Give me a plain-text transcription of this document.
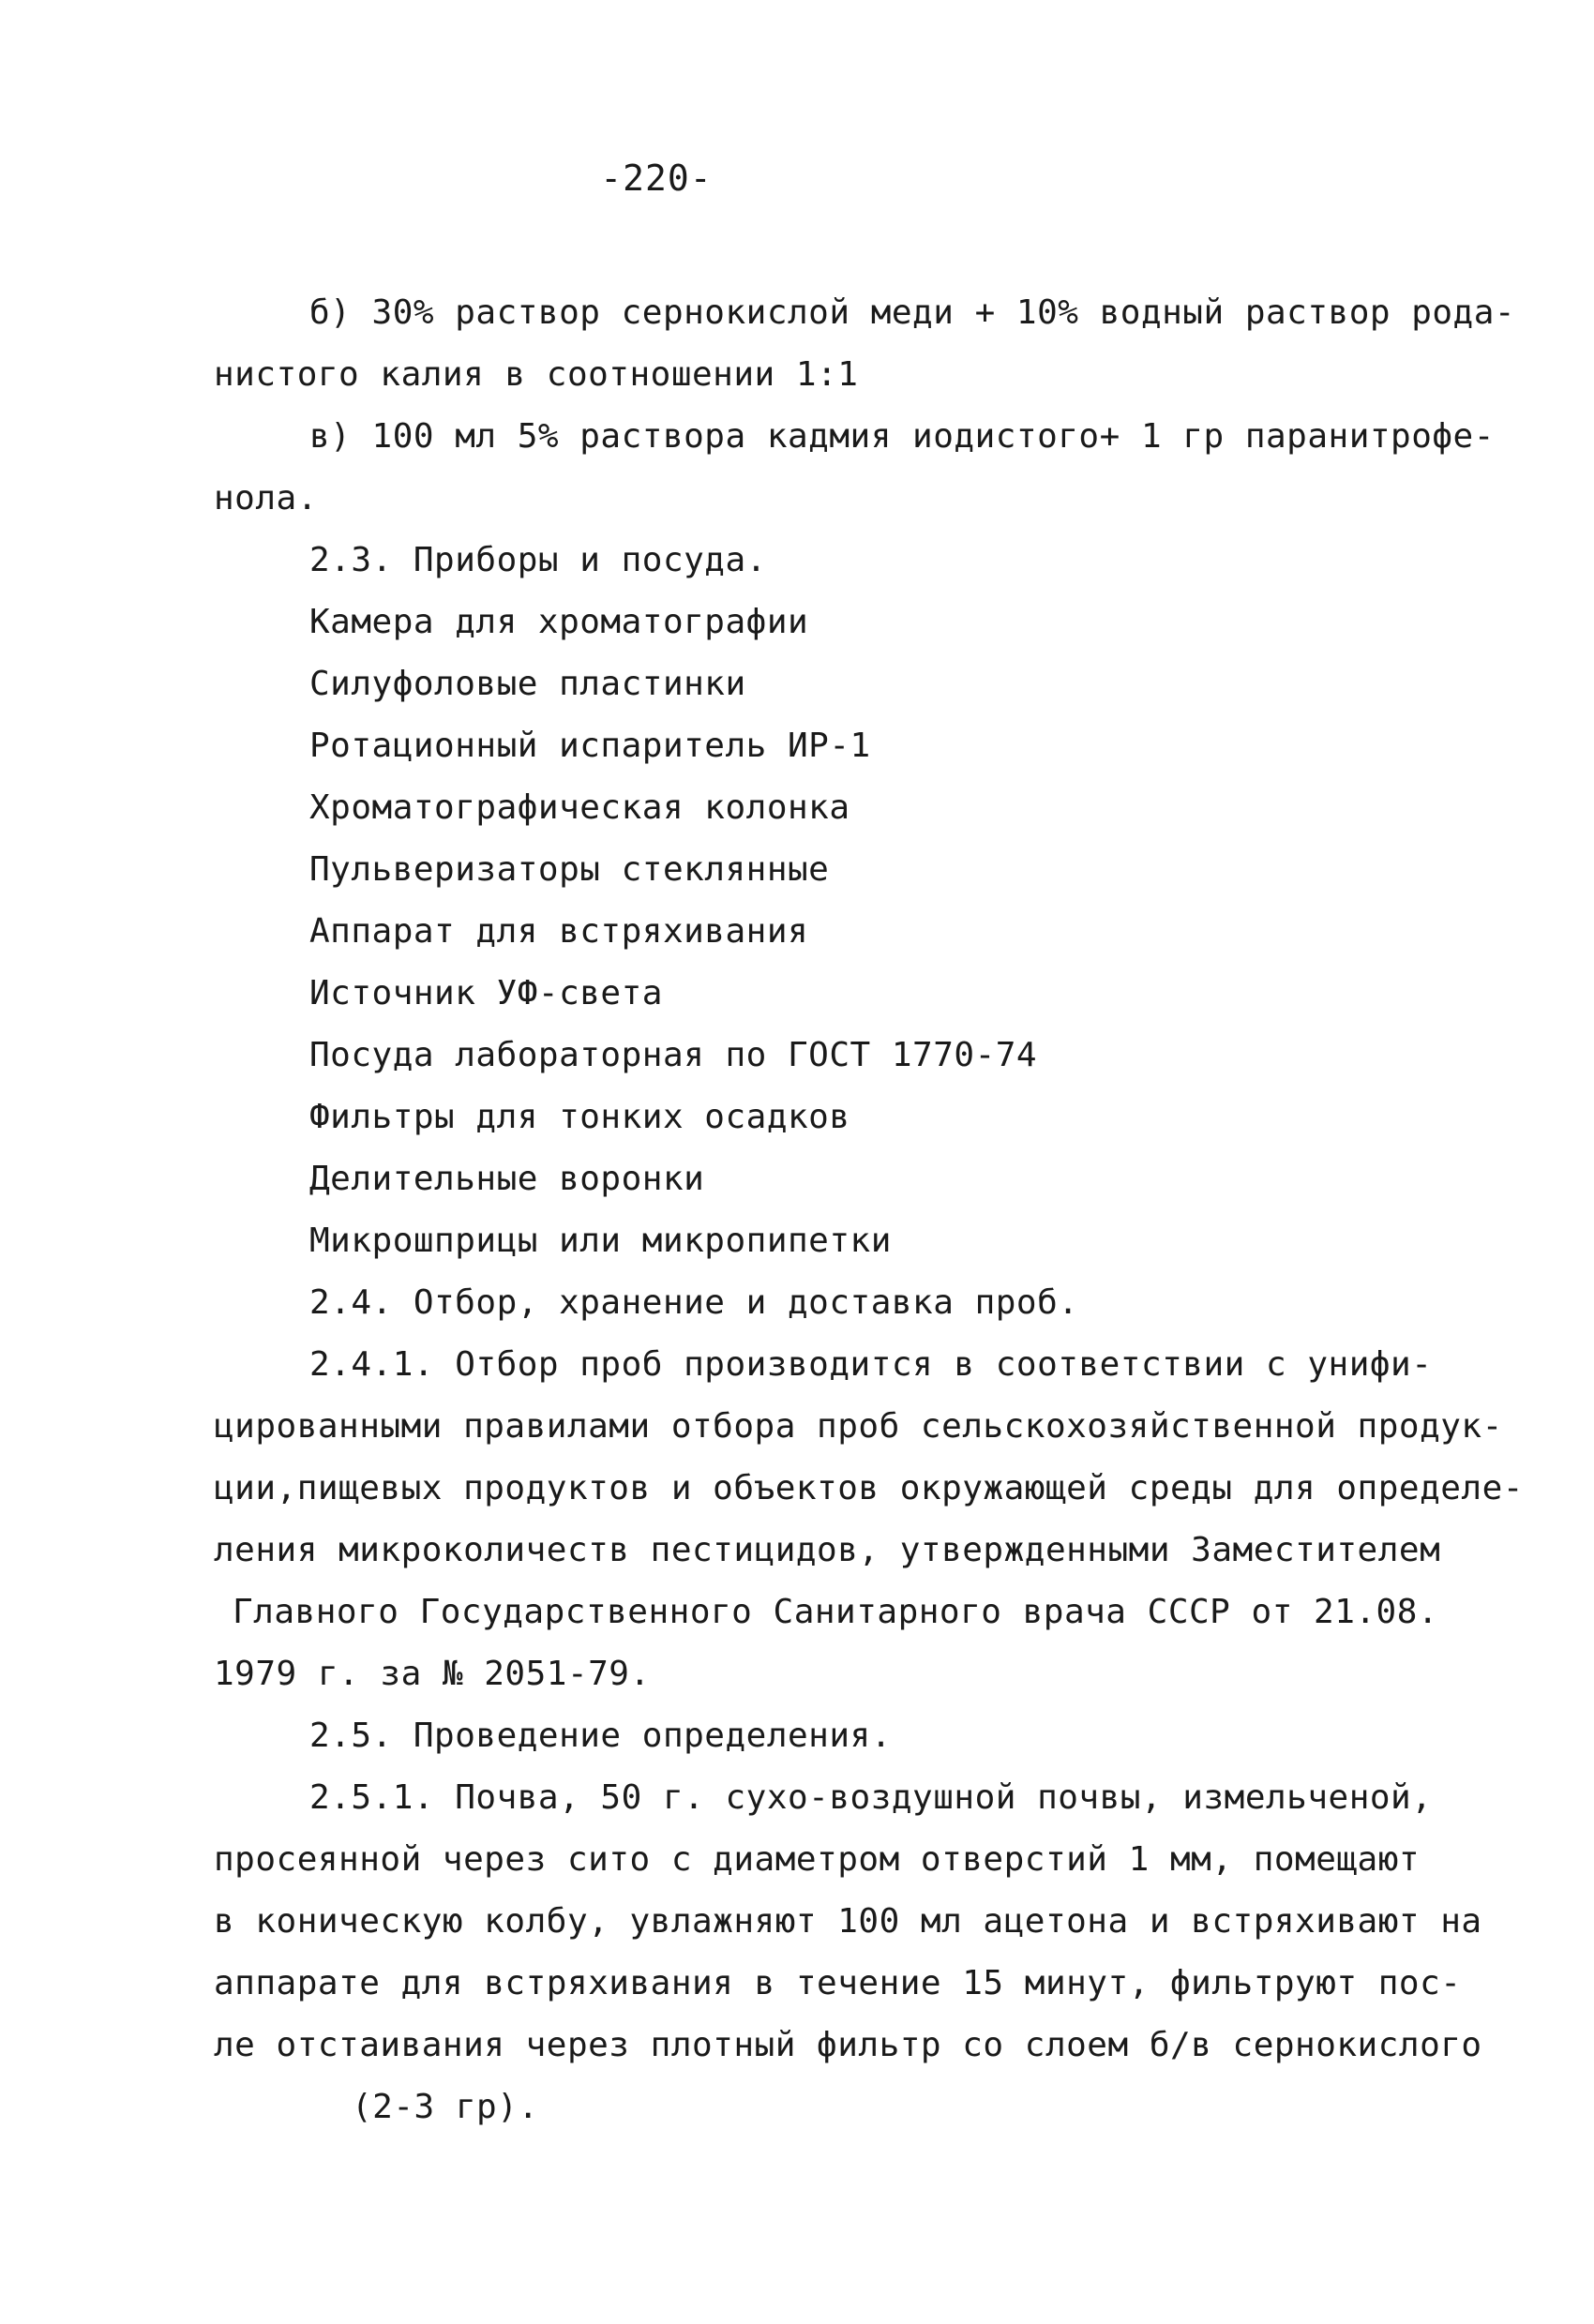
-220-
б) 30% раствор сернокислой меди + 10% водный раствор рода-
нистого калия в соотношении 1:1
в) 100 мл 5% раствора кадмия иодистого+ 1 гр паранитрофе-
нола.
2.3. Приборы и посуда.
Камера для хроматографии
Силуфоловые пластинки
Ротационный испаритель ИР-1
Хроматографическая колонка
Пульверизаторы стеклянные
Аппарат для встряхивания
Источник УФ-света
Посуда лабораторная по ГОСТ 1770-74
Фильтры для тонких осадков
Делительные воронки
Микрошприцы или микропипетки
2.4. Отбор, хранение и доставка проб.
2.4.1. Отбор проб производится в соответствии с унифи-
цированными правилами отбора проб сельскохозяйственной продук-
ции,пищевых продуктов и объектов окружающей среды для определе-
ления микроколичеств пестицидов, утвержденными Заместителем
Главного Государственного Санитарного врача СССР от 21.08.
1979 г. за № 2051-79.
2.5. Проведение определения.
2.5.1. Почва, 50 г. сухо-воздушной почвы, измельченой,
просеянной через сито с диаметром отверстий 1 мм, помещают
в коническую колбу, увлажняют 100 мл ацетона и встряхивают на
аппарате для встряхивания в течение 15 минут, фильтруют пос-
ле отстаивания через плотный фильтр со слоем б/в сернокислого
(2-3 гр).
